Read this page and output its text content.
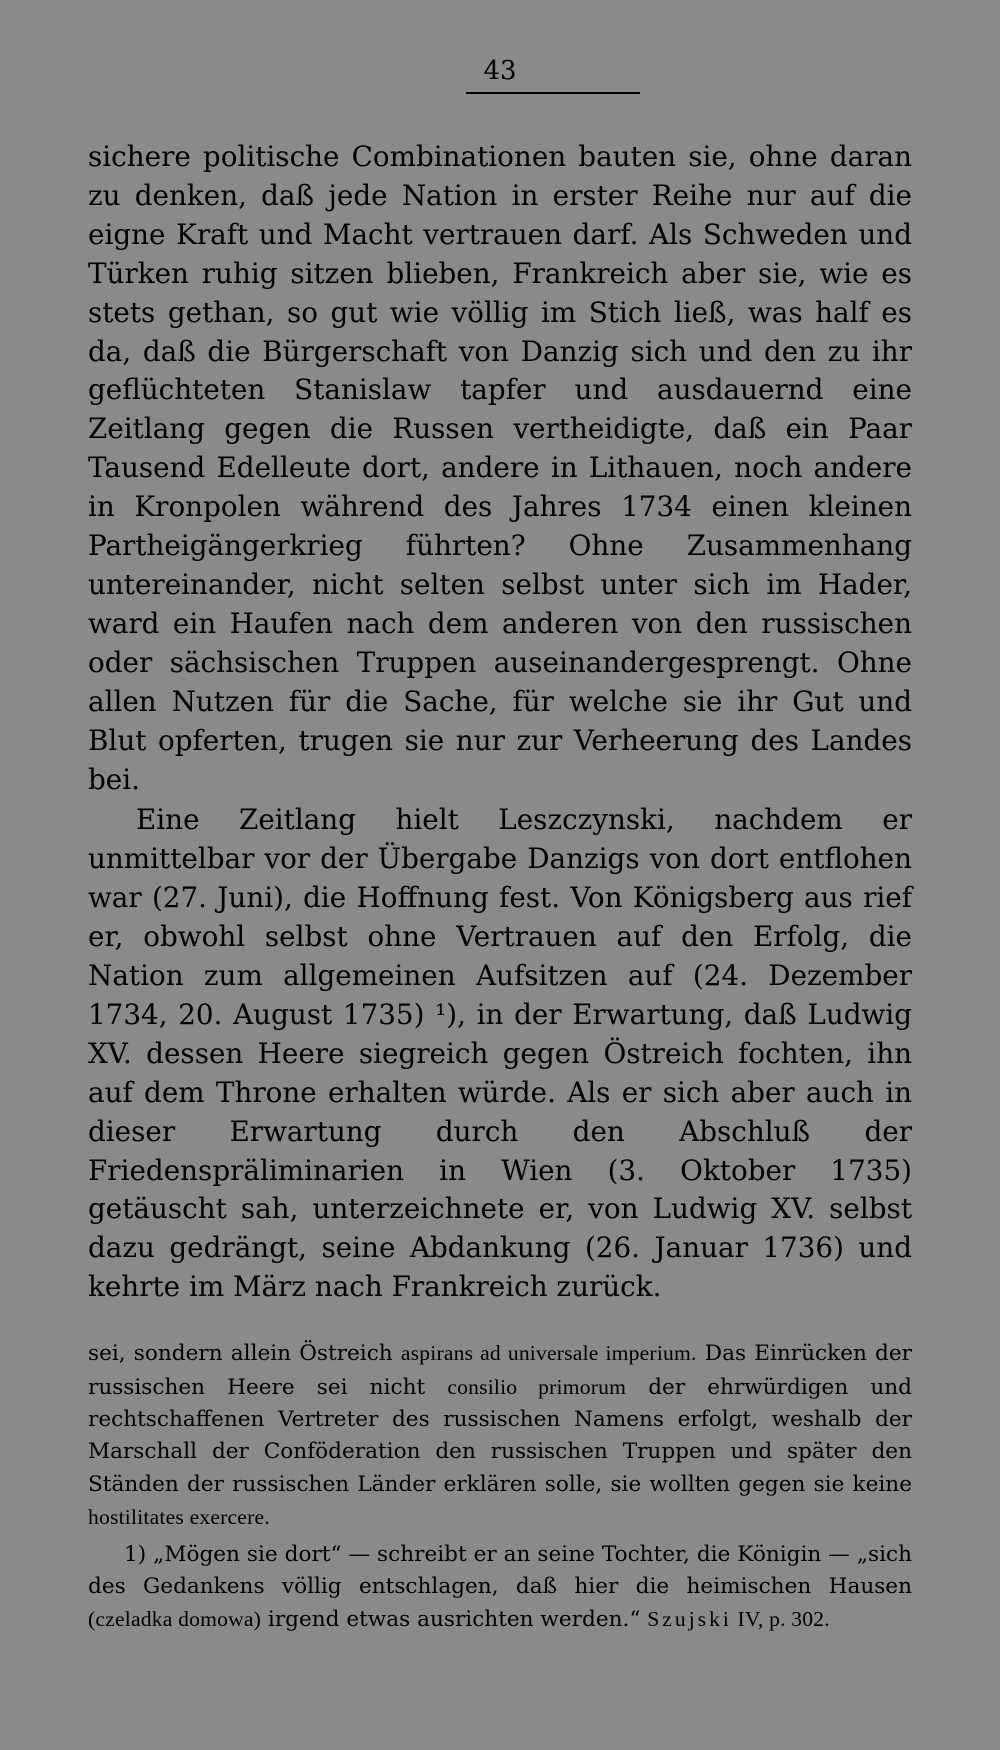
43

sichere politische Combinationen bauten sie, ohne daran zu denken, daß jede Nation in erster Reihe nur auf die eigne Kraft und Macht vertrauen darf. Als Schweden und Türken ruhig sitzen blieben, Frankreich aber sie, wie es stets gethan, so gut wie völlig im Stich ließ, was half es da, daß die Bürgerschaft von Danzig sich und den zu ihr geflüchteten Stanislaw tapfer und ausdauernd eine Zeitlang gegen die Russen vertheidigte, daß ein Paar Tausend Edelleute dort, andere in Lithauen, noch andere in Kronpolen während des Jahres 1734 einen kleinen Partheigängerkrieg führten? Ohne Zusammenhang untereinander, nicht selten selbst unter sich im Hader, ward ein Haufen nach dem anderen von den russischen oder sächsischen Truppen auseinandergesprengt. Ohne allen Nutzen für die Sache, für welche sie ihr Gut und Blut opferten, trugen sie nur zur Verheerung des Landes bei.

Eine Zeitlang hielt Leszczynski, nachdem er unmittelbar vor der Übergabe Danzigs von dort entflohen war (27. Juni), die Hoffnung fest. Von Königsberg aus rief er, obwohl selbst ohne Vertrauen auf den Erfolg, die Nation zum allgemeinen Aufsitzen auf (24. Dezember 1734, 20. August 1735) ¹), in der Erwartung, daß Ludwig XV. dessen Heere siegreich gegen Östreich fochten, ihn auf dem Throne erhalten würde. Als er sich aber auch in dieser Erwartung durch den Abschluß der Friedenspräliminarien in Wien (3. Oktober 1735) getäuscht sah, unterzeichnete er, von Ludwig XV. selbst dazu gedrängt, seine Abdankung (26. Januar 1736) und kehrte im März nach Frankreich zurück.

sei, sondern allein Östreich aspirans ad universale imperium. Das Einrücken der russischen Heere sei nicht consilio primorum der ehrwürdigen und rechtschaffenen Vertreter des russischen Namens erfolgt, weshalb der Marschall der Conföderation den russischen Truppen und später den Ständen der russischen Länder erklären solle, sie wollten gegen sie keine hostilitates exercere.

1) „Mögen sie dort“ — schreibt er an seine Tochter, die Königin — „sich des Gedankens völlig entschlagen, daß hier die heimischen Hausen (czeladka domowa) irgend etwas ausrichten werden.“ Szujski IV, p. 302.
